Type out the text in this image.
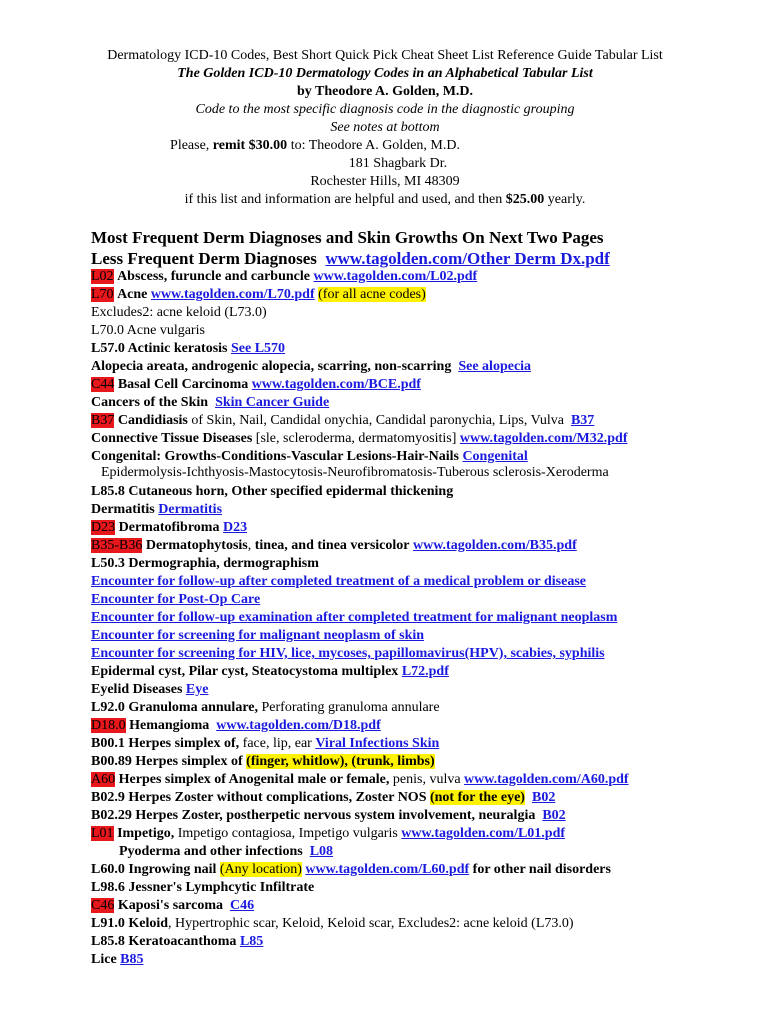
Dermatology ICD-10 Codes, Best Short Quick Pick Cheat Sheet List Reference Guide Tabular List
The Golden ICD-10 Dermatology Codes in an Alphabetical Tabular List
by Theodore A. Golden, M.D.
Code to the most specific diagnosis code in the diagnostic grouping
See notes at bottom
Please, remit $30.00 to: Theodore A. Golden, M.D.
181 Shagbark Dr.
Rochester Hills, MI 48309
if this list and information are helpful and used, and then $25.00 yearly.
Most Frequent Derm Diagnoses and Skin Growths On Next Two Pages
Less Frequent Derm Diagnoses www.tagolden.com/Other Derm Dx.pdf
L02 Abscess, furuncle and carbuncle www.tagolden.com/L02.pdf
L70 Acne www.tagolden.com/L70.pdf (for all acne codes)
Excludes2: acne keloid (L73.0)
L70.0 Acne vulgaris
L57.0 Actinic keratosis See L570
Alopecia areata, androgenic alopecia, scarring, non-scarring See alopecia
C44 Basal Cell Carcinoma www.tagolden.com/BCE.pdf
Cancers of the Skin Skin Cancer Guide
B37 Candidiasis of Skin, Nail, Candidal onychia, Candidal paronychia, Lips, Vulva B37
Connective Tissue Diseases [sle, scleroderma, dermatomyositis] www.tagolden.com/M32.pdf
Congenital: Growths-Conditions-Vascular Lesions-Hair-Nails Congenital
Epidermolysis-Ichthyosis-Mastocytosis-Neurofibromatosis-Tuberous sclerosis-Xeroderma
L85.8 Cutaneous horn, Other specified epidermal thickening
Dermatitis Dermatitis
D23 Dermatofibroma D23
B35-B36 Dermatophytosis, tinea, and tinea versicolor www.tagolden.com/B35.pdf
L50.3 Dermographia, dermographism
Encounter for follow-up after completed treatment of a medical problem or disease
Encounter for Post-Op Care
Encounter for follow-up examination after completed treatment for malignant neoplasm
Encounter for screening for malignant neoplasm of skin
Encounter for screening for HIV, lice, mycoses, papillomavirus(HPV), scabies, syphilis
Epidermal cyst, Pilar cyst, Steatocystoma multiplex L72.pdf
Eyelid Diseases Eye
L92.0 Granuloma annulare, Perforating granuloma annulare
D18.0 Hemangioma www.tagolden.com/D18.pdf
B00.1 Herpes simplex of, face, lip, ear Viral Infections Skin
B00.89 Herpes simplex of (finger, whitlow), (trunk, limbs)
A60 Herpes simplex of Anogenital male or female, penis, vulva www.tagolden.com/A60.pdf
B02.9 Herpes Zoster without complications, Zoster NOS (not for the eye) B02
B02.29 Herpes Zoster, postherpetic nervous system involvement, neuralgia B02
L01 Impetigo, Impetigo contagiosa, Impetigo vulgaris www.tagolden.com/L01.pdf
Pyoderma and other infections L08
L60.0 Ingrowing nail (Any location) www.tagolden.com/L60.pdf for other nail disorders
L98.6 Jessner's Lymphcytic Infiltrate
C46 Kaposi's sarcoma C46
L91.0 Keloid, Hypertrophic scar, Keloid, Keloid scar, Excludes2: acne keloid (L73.0)
L85.8 Keratoacanthoma L85
Lice B85
